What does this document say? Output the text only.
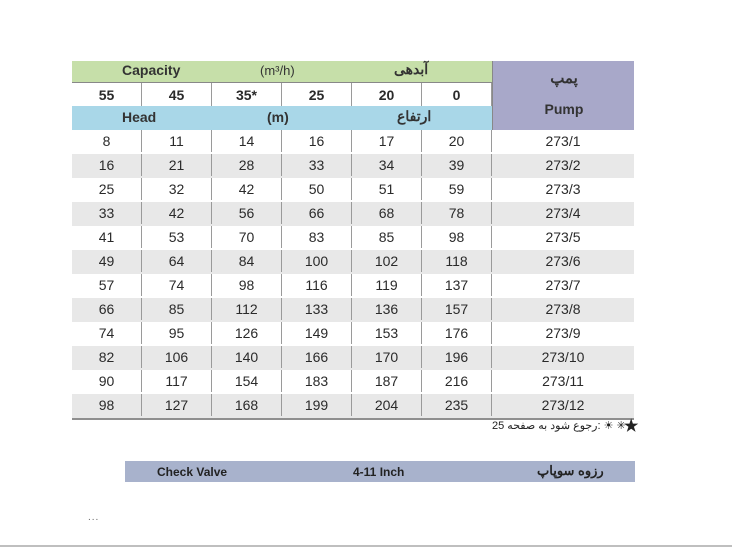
Capacity	(m³/h)	آبدهی
55	45	35*	25	20	0
Head	(m)	ارتفاع
پمپ
Pump
8	11	14	16	17	20	273/1
16	21	28	33	34	39	273/2
25	32	42	50	51	59	273/3
33	42	56	66	68	78	273/4
41	53	70	83	85	98	273/5
49	64	84	100	102	118	273/6
57	74	98	116	119	137	273/7
66	85	112	133	136	157	273/8
74	95	126	149	153	176	273/9
82	106	140	166	170	196	273/10
90	117	154	183	187	216	273/11
98	127	168	199	204	235	273/12
★
رجوع شود به صفحه 25: ☀ ✳
Check Valve	4-11 Inch	رزوه سوپاپ
...
